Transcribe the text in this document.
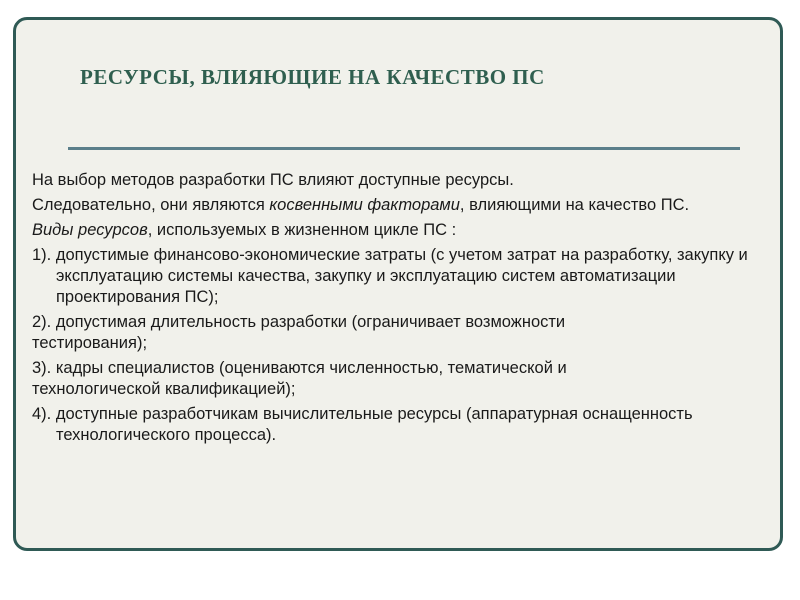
РЕСУРСЫ, ВЛИЯЮЩИЕ НА КАЧЕСТВО ПС

На выбор методов разработки ПС влияют доступные ресурсы.

Следовательно, они являются косвенными факторами, влияющими на качество ПС.

Виды ресурсов, используемых в жизненном цикле ПС :

1). допустимые финансово-экономические затраты (с учетом затрат на разработку, закупку и эксплуатацию системы качества, закупку и эксплуатацию систем автоматизации проектирования ПС);

2). допустимая длительность разработки (ограничивает возможности

тестирования);

3). кадры специалистов (оцениваются численностью, тематической и

технологической квалификацией);

4). доступные разработчикам вычислительные ресурсы (аппаратурная оснащенность технологического процесса).
